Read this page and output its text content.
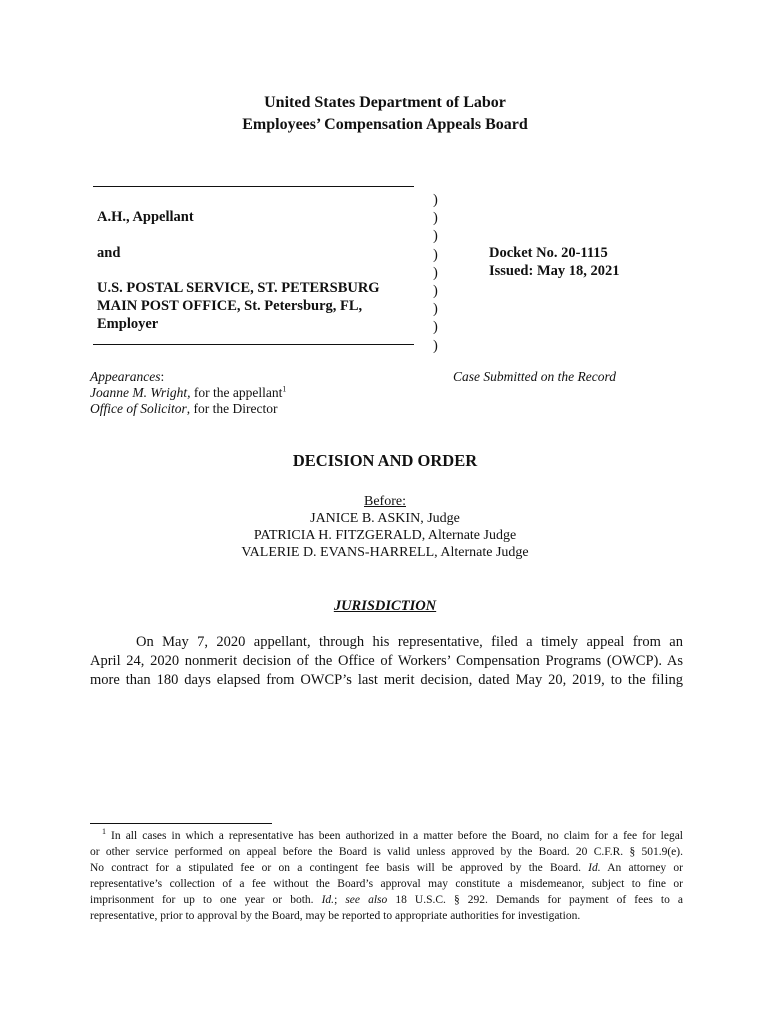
United States Department of Labor
Employees’ Compensation Appeals Board
A.H., Appellant
and
U.S. POSTAL SERVICE, ST. PETERSBURG
MAIN POST OFFICE, St. Petersburg, FL,
Employer
)
)
)
)
)
)
)
)
)
Docket No. 20-1115
Issued: May 18, 2021
Appearances:
Joanne M. Wright, for the appellant$^1$
Office of Solicitor, for the Director
Case Submitted on the Record
DECISION AND ORDER
Before:
JANICE B. ASKIN, Judge
PATRICIA H. FITZGERALD, Alternate Judge
VALERIE D. EVANS-HARRELL, Alternate Judge
JURISDICTION
On May 7, 2020 appellant, through his representative, filed a timely appeal from an
April 24, 2020 nonmerit decision of the Office of Workers’ Compensation Programs (OWCP). As
more than 180 days elapsed from OWCP’s last merit decision, dated May 20, 2019, to the filing
$^1$ In all cases in which a representative has been authorized in a matter before the Board, no claim for a fee for legal
or other service performed on appeal before the Board is valid unless approved by the Board. 20 C.F.R. § 501.9(e).
No contract for a stipulated fee or on a contingent fee basis will be approved by the Board. Id. An attorney or
representative’s collection of a fee without the Board’s approval may constitute a misdemeanor, subject to fine or
imprisonment for up to one year or both. Id.; see also 18 U.S.C. § 292. Demands for payment of fees to a
representative, prior to approval by the Board, may be reported to appropriate authorities for investigation.
